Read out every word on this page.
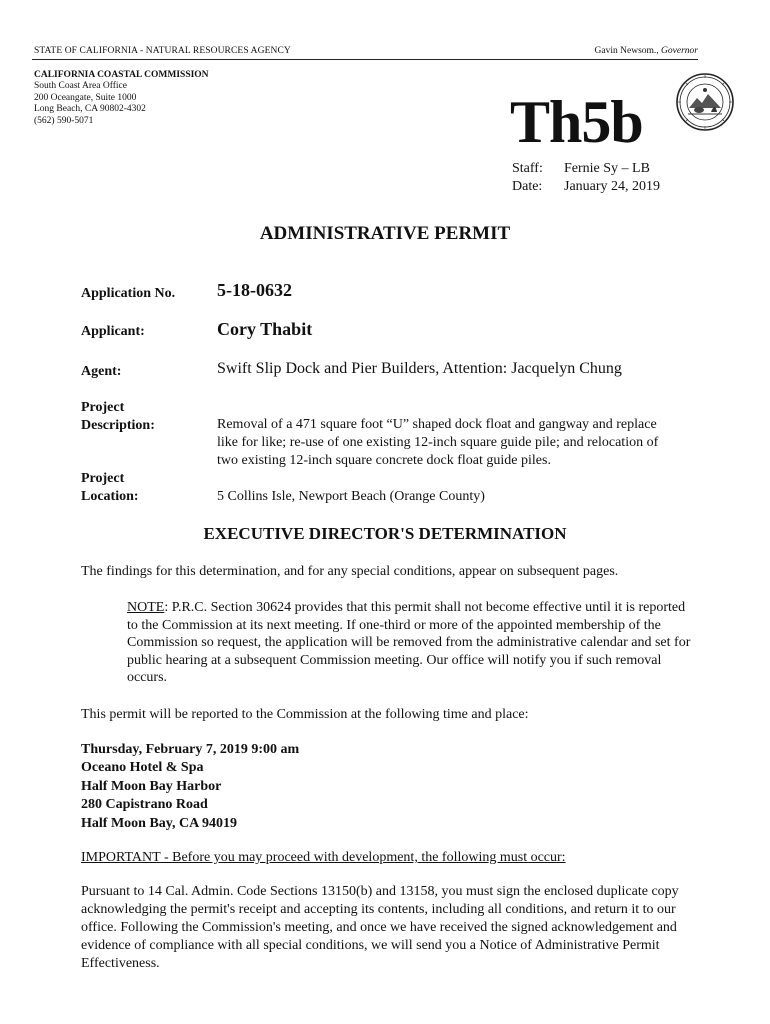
STATE OF CALIFORNIA - NATURAL RESOURCES AGENCY	Gavin Newsom., Governor
CALIFORNIA COASTAL COMMISSION
South Coast Area Office
200 Oceangate, Suite 1000
Long Beach, CA 90802-4302
(562) 590-5071	Th5b
Staff: Fernie Sy – LB
Date: January 24, 2019
ADMINISTRATIVE PERMIT
Application No. 5-18-0632
Applicant:	Cory Thabit
Agent:	Swift Slip Dock and Pier Builders, Attention: Jacquelyn Chung
Project
Description:	Removal of a 471 square foot “U” shaped dock float and gangway and replace like for like; re-use of one existing 12-inch square guide pile; and relocation of two existing 12-inch square concrete dock float guide piles.
Project
Location:	5 Collins Isle, Newport Beach (Orange County)
EXECUTIVE DIRECTOR'S DETERMINATION
The findings for this determination, and for any special conditions, appear on subsequent pages.
NOTE: P.R.C. Section 30624 provides that this permit shall not become effective until it is reported to the Commission at its next meeting. If one-third or more of the appointed membership of the Commission so request, the application will be removed from the administrative calendar and set for public hearing at a subsequent Commission meeting. Our office will notify you if such removal occurs.
This permit will be reported to the Commission at the following time and place:
Thursday, February 7, 2019 9:00 am
Oceano Hotel & Spa
Half Moon Bay Harbor
280 Capistrano Road
Half Moon Bay, CA 94019
IMPORTANT - Before you may proceed with development, the following must occur:
Pursuant to 14 Cal. Admin. Code Sections 13150(b) and 13158, you must sign the enclosed duplicate copy acknowledging the permit's receipt and accepting its contents, including all conditions, and return it to our office. Following the Commission's meeting, and once we have received the signed acknowledgement and evidence of compliance with all special conditions, we will send you a Notice of Administrative Permit Effectiveness.
